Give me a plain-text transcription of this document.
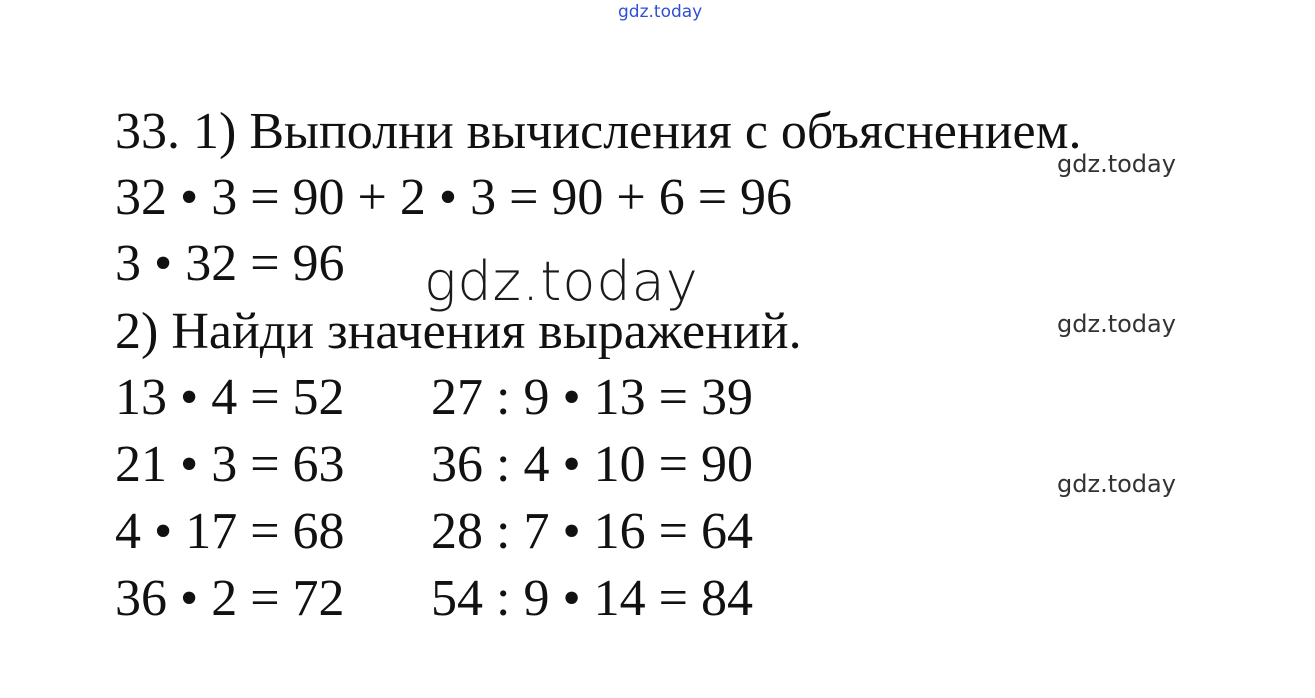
gdz.today
33. 1) Выполни вычисления с объяснением.
gdz.today
32 • 3 = 90 + 2 • 3 = 90 + 6 = 96
3 • 32 = 96 gdz.today
2) Найди значения выражений.	gdz.today
13 • 4 = 52 27 : 9 • 13 = 39
21 • 3 = 63 36 : 4 • 10 = 90	gdz.today
4 • 17 = 68 28 : 7 • 16 = 64
36 • 2 = 72 54 : 9 • 14 = 84
